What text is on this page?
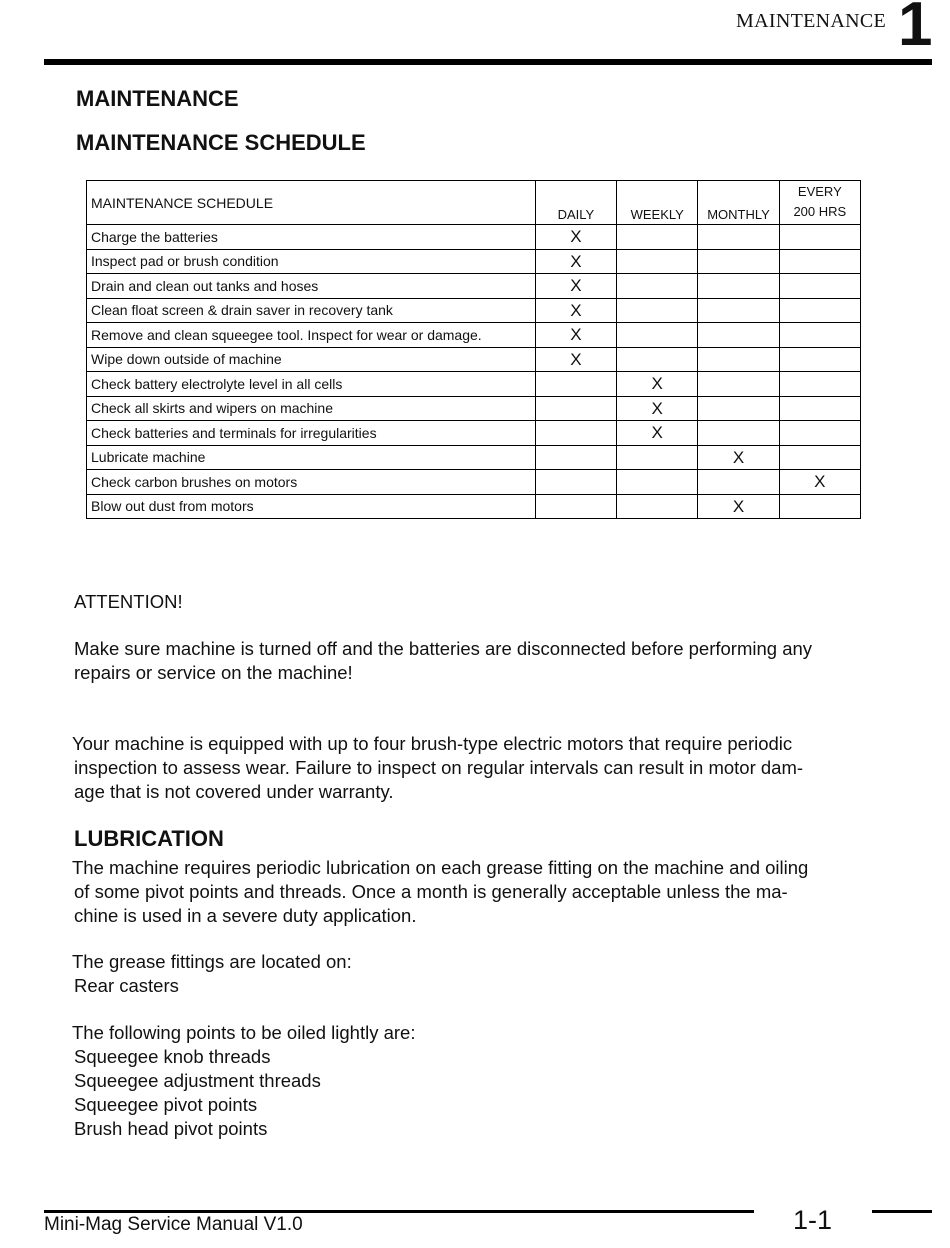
MAINTENANCE 1
MAINTENANCE
MAINTENANCE SCHEDULE
MAINTENANCE SCHEDULE	DAILY	WEEKLY	MONTHLY	EVERY
200 HRS
Charge the batteries	X			
Inspect pad or brush condition	X			
Drain and clean out tanks and hoses	X			
Clean float screen & drain saver in recovery tank	X			
Remove and clean squeegee tool. Inspect for wear or damage.	X			
Wipe down outside of machine	X			
Check battery electrolyte level in all cells		X		
Check all skirts and wipers on machine		X		
Check batteries and terminals for irregularities		X		
Lubricate machine			X	
Check carbon brushes on motors				X
Blow out dust from motors			X	

ATTENTION!

Make sure machine is turned off and the batteries are disconnected before performing any
repairs or service on the machine!

Your machine is equipped with up to four brush-type electric motors that require periodic
inspection to assess wear. Failure to inspect on regular intervals can result in motor dam-
age that is not covered under warranty.

LUBRICATION

The machine requires periodic lubrication on each grease fitting on the machine and oiling
of some pivot points and threads. Once a month is generally acceptable unless the ma-
chine is used in a severe duty application.

The grease fittings are located on:
Rear casters

The following points to be oiled lightly are:
Squeegee knob threads
Squeegee adjustment threads
Squeegee pivot points
Brush head pivot points

Mini-Mag Service Manual V1.0	1-1
